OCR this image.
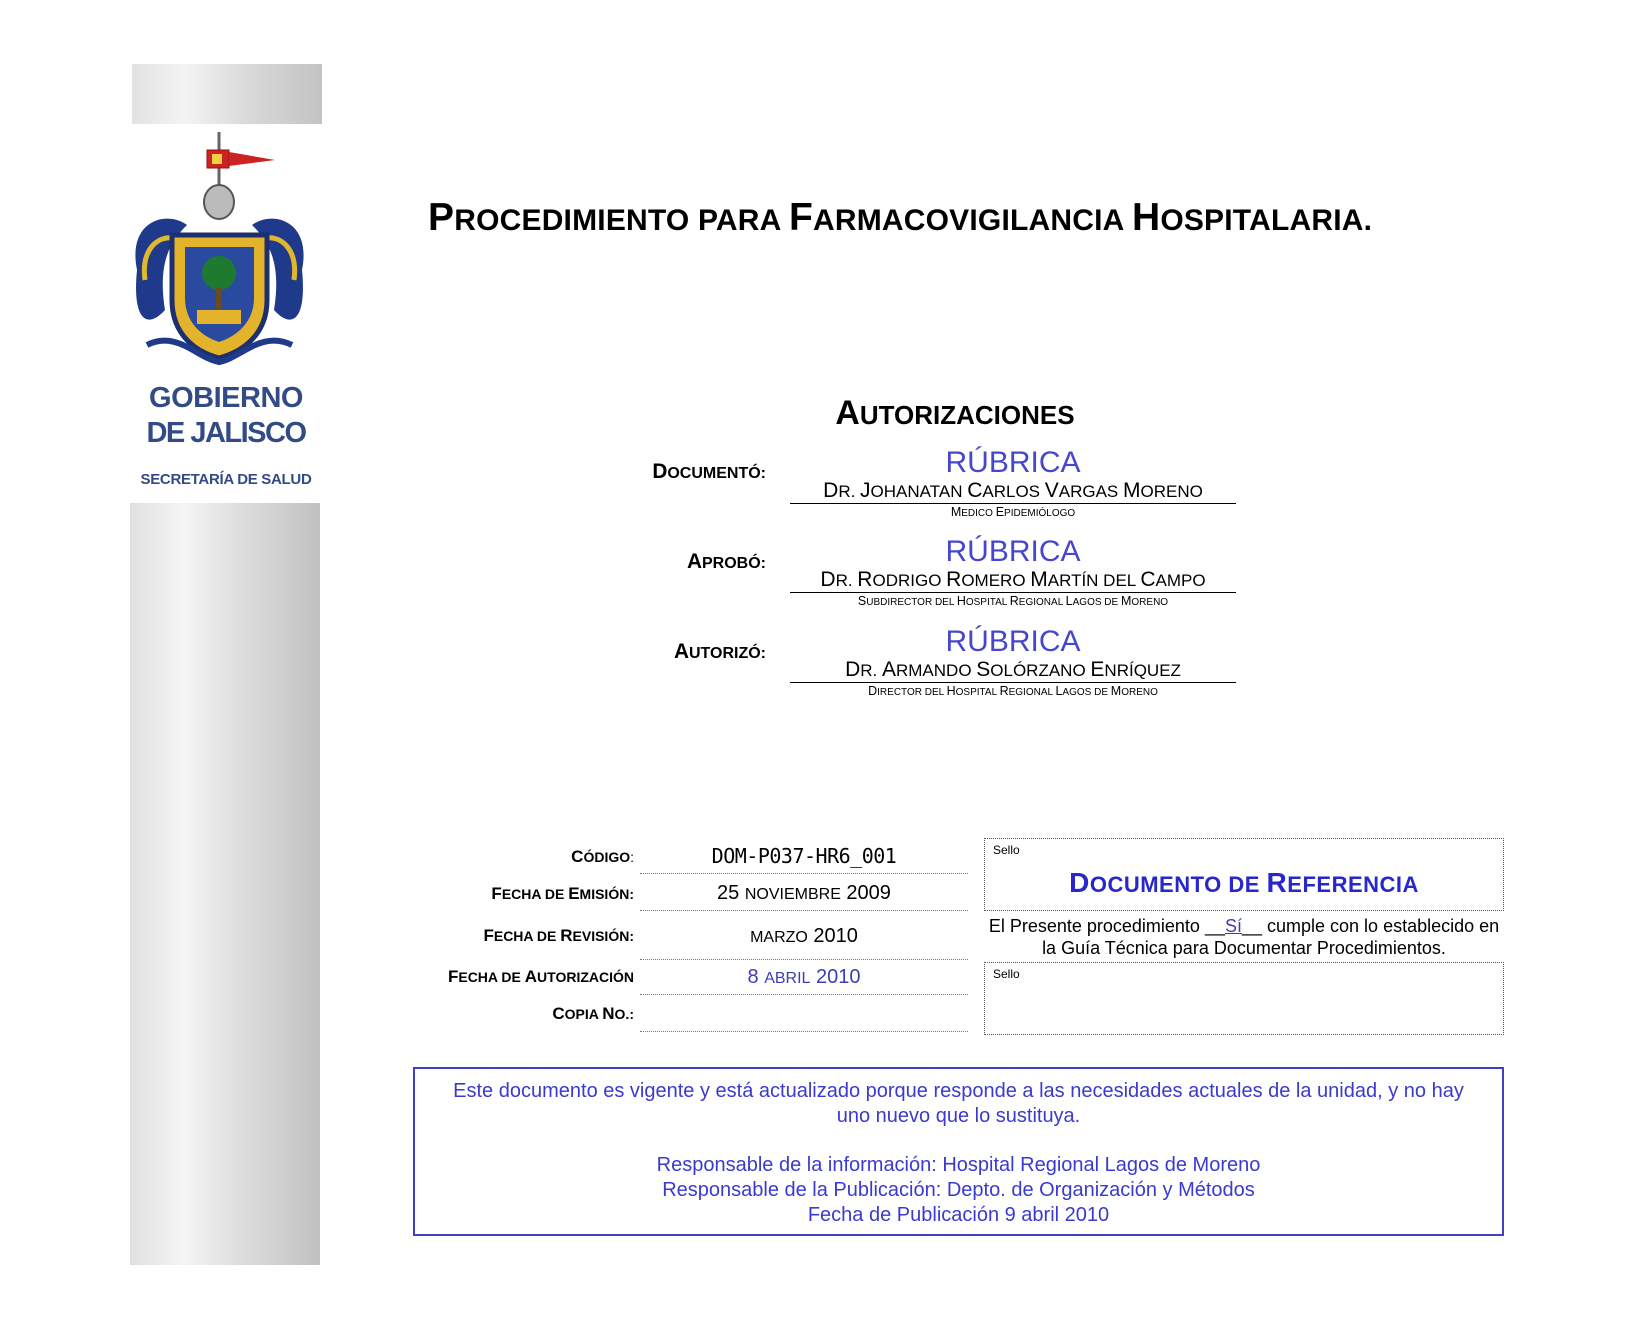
GOBIERNO
DE JALISCO
SECRETARÍA DE SALUD
PROCEDIMIENTO PARA FARMACOVIGILANCIA HOSPITALARIA.
AUTORIZACIONES
DOCUMENTÓ:	RÚBRICA
DR. JOHANATAN CARLOS VARGAS MORENO
MEDICO EPIDEMIÓLOGO
APROBÓ:	RÚBRICA
DR. RODRIGO ROMERO MARTÍN DEL CAMPO
SUBDIRECTOR DEL HOSPITAL REGIONAL LAGOS DE MORENO
AUTORIZÓ:	RÚBRICA
DR. ARMANDO SOLÓRZANO ENRÍQUEZ
DIRECTOR DEL HOSPITAL REGIONAL LAGOS DE MORENO
CÓDIGO:	DOM-P037-HR6_001
FECHA DE EMISIÓN:	25 NOVIEMBRE 2009
FECHA DE REVISIÓN:	MARZO 2010
FECHA DE AUTORIZACIÓN	8 ABRIL 2010
COPIA NO.:
Sello
DOCUMENTO DE REFERENCIA
El Presente procedimiento __Sí__ cumple con lo establecido en la Guía Técnica para Documentar Procedimientos.
Sello

Este documento es vigente y está actualizado porque responde a las necesidades actuales de la unidad, y no hay uno nuevo que lo sustituya.

Responsable de la información: Hospital Regional Lagos de Moreno

Responsable de la Publicación: Depto. de Organización y Métodos

Fecha de Publicación 9 abril 2010
